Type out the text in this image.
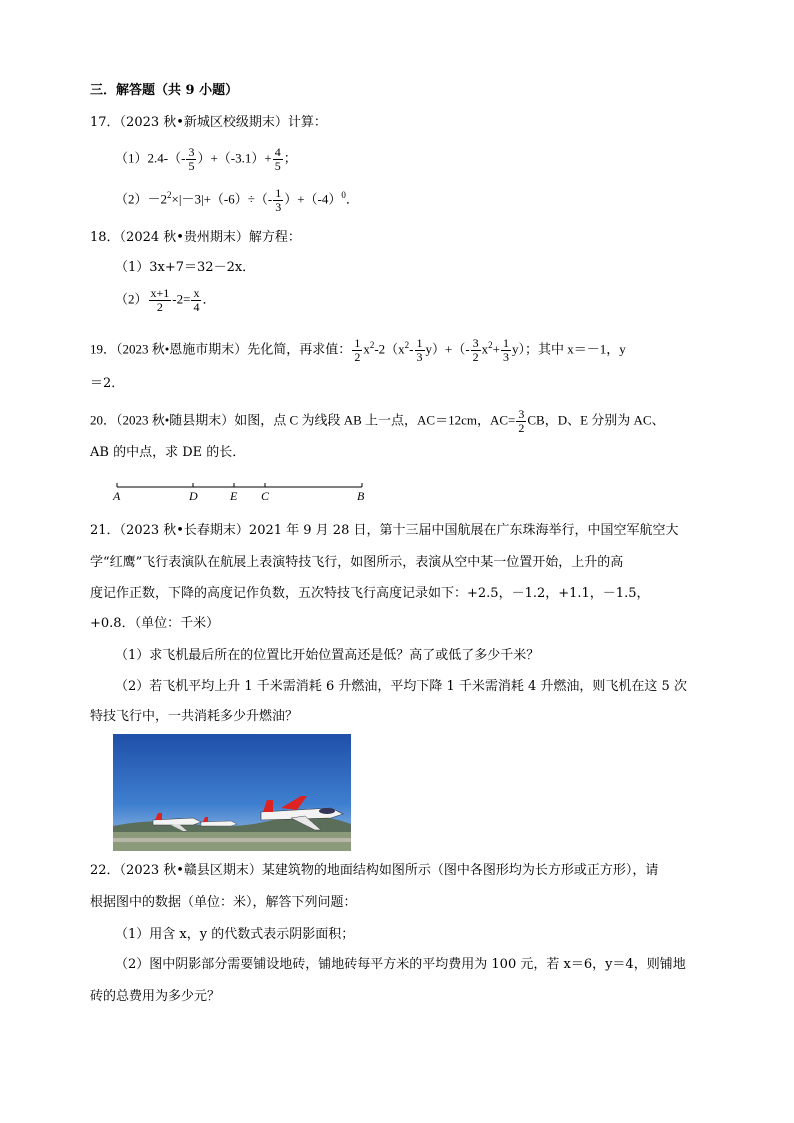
三．解答题（共 9 小题）
17．（2023 秋•新城区校级期末）计算：
$(1)2.4-(- \frac{3}{5} )+(-3.1)+ \frac{4}{5}$ ；
$(2)-2^2\times|-3|+(-6)\div(- \frac{1}{3} )+(-4)^0$．
18．（2024 秋•贵州期末）解方程：
（1）3x+7＝32－2x．
$(2) \frac{x+1}{2} -2= \frac{x}{4}$ ．
19．（2023 秋•恩施市期末）先化简，再求值： $\frac{1}{2} x^2-2(x^2- \frac{1}{3} y)+(- \frac{3}{2} x^2+ \frac{1}{3} y)$；其中 x＝－1，y
＝2．
20．（2023 秋•随县期末）如图，点 C 为线段 AB 上一点，AC＝12cm，$AC= \frac{3}{2}$ CB，D、E 分别为 AC、
AB 的中点，求 DE 的长．
A	D	E C	B
21．（2023 秋•长春期末）2021 年 9 月 28 日，第十三届中国航展在广东珠海举行，中国空军航空大
学“红鹰”飞行表演队在航展上表演特技飞行，如图所示，表演从空中某一位置开始，上升的高
度记作正数，下降的高度记作负数，五次特技飞行高度记录如下：+2.5，－1.2，+1.1，－1.5，
+0.8．（单位：千米）
（1）求飞机最后所在的位置比开始位置高还是低？高了或低了多少千米？
（2）若飞机平均上升 1 千米需消耗 6 升燃油，平均下降 1 千米需消耗 4 升燃油，则飞机在这 5 次
特技飞行中，一共消耗多少升燃油？
22．（2023 秋•赣县区期末）某建筑物的地面结构如图所示（图中各图形均为长方形或正方形），请
根据图中的数据（单位：米），解答下列问题：
（1）用含 x，y 的代数式表示阴影面积；
（2）图中阴影部分需要铺设地砖，铺地砖每平方米的平均费用为 100 元，若 x＝6，y＝4，则铺地
砖的总费用为多少元？
